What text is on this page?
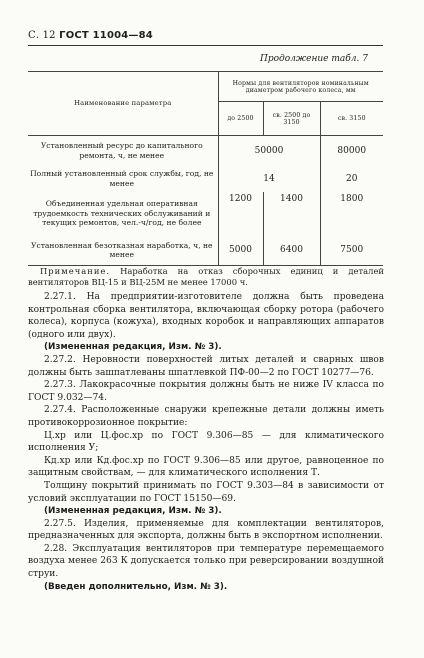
С. 12 ГОСТ 11004—84
Продолжение табл. 7
Наименование параметра	Нормы для вентиляторов номинальным диаметром рабочего колеса, мм		
	до 2500	св. 2500 до 3150	св. 3150
Установленный ресурс до капитального ремонта, ч, не менее	50000		80000
Полный установленный срок службы, год, не менее	14		20
Объединенная удельная оперативная трудоемкость технических обслуживаний и текущих ремонтов, чел.-ч/год, не более	1200	1400	1800
Установленная безотказная наработка, ч, не менее	5000	6400	7500

Примечание. Наработка на отказ сборочных единиц и деталей вентиляторов ВЦ-15 и ВЦ-25М не менее 17000 ч.

2.27.1. На предприятии-изготовителе должна быть проведена контрольная сборка вентилятора, включающая сборку ротора (рабочего колеса), корпуса (кожуха), входных коробок и направляющих аппаратов (одного или двух).

(Измененная редакция, Изм. № 3).

2.27.2. Неровности поверхностей литых деталей и сварных швов должны быть зашпатлеваны шпатлевкой ПФ-00—2 по ГОСТ 10277—76.

2.27.3. Лакокрасочные покрытия должны быть не ниже IV класса по ГОСТ 9.032—74.

2.27.4. Расположенные снаружи крепежные детали должны иметь противокоррозионное покрытие:

Ц.хр или Ц.фос.хр по ГОСТ 9.306—85 — для климатического исполнения У;

Кд.хр или Кд.фос.хр по ГОСТ 9.306—85 или другое, равноценное по защитным свойствам, — для климатического исполнения Т.

Толщину покрытий принимать по ГОСТ 9.303—84 в зависимости от условий эксплуатации по ГОСТ 15150—69.

(Измененная редакция, Изм. № 3).

2.27.5. Изделия, применяемые для комплектации вентиляторов, предназначенных для экспорта, должны быть в экспортном исполнении.

2.28. Эксплуатация вентиляторов при температуре перемещаемого воздуха менее 263 К допускается только при реверсировании воздушной струи.

(Введен дополнительно, Изм. № 3).
